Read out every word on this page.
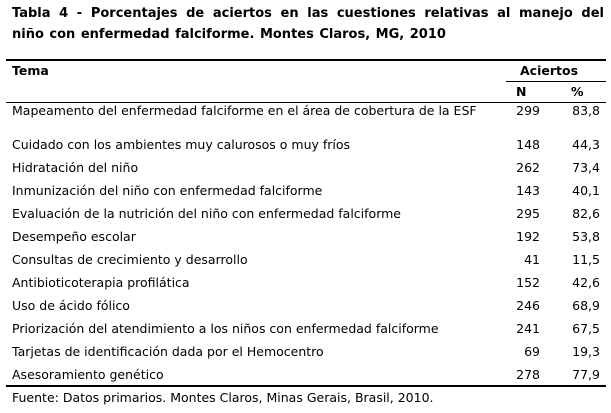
Tabla 4 - Porcentajes de aciertos en las cuestiones relativas al manejo del niño con enfermedad falciforme. Montes Claros, MG, 2010
Tema	Aciertos
N	%
Mapeamento del enfermedad falciforme en el área de cobertura de la ESF	299	83,8
Cuidado con los ambientes muy calurosos o muy fríos	148	44,3
Hidratación del niño	262	73,4
Inmunización del niño con enfermedad falciforme	143	40,1
Evaluación de la nutrición del niño con enfermedad falciforme	295	82,6
Desempeño escolar	192	53,8
Consultas de crecimiento y desarrollo	41	11,5
Antibioticoterapia profilática	152	42,6
Uso de ácido fólico	246	68,9
Priorización del atendimiento a los niños con enfermedad falciforme	241	67,5
Tarjetas de identificación dada por el Hemocentro	69	19,3
Asesoramiento genético	278	77,9
Fuente: Datos primarios. Montes Claros, Minas Gerais, Brasil, 2010.
